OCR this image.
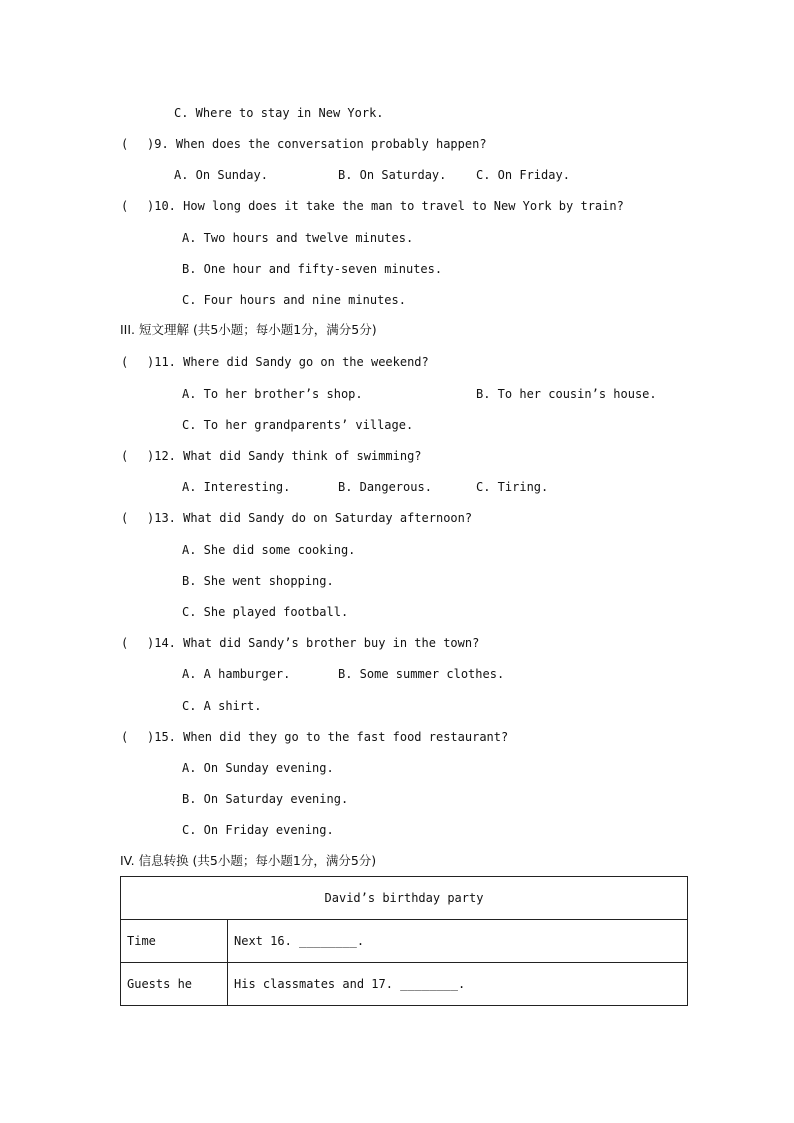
C. Where to stay in New York.
( )9. When does the conversation probably happen?
A. On Sunday.	B. On Saturday. C. On Friday.
( )10. How long does it take the man to travel to New York by train?
A. Two hours and twelve minutes.
B. One hour and fifty-seven minutes.
C. Four hours and nine minutes.
III. 短文理解 (共5小题；每小题1分，满分5分)
( )11. Where did Sandy go on the weekend?
A. To her brother’s shop.	B. To her cousin’s house.
C. To her grandparents’ village.
( )12. What did Sandy think of swimming?
A. Interesting.	B. Dangerous.	C. Tiring.
( )13. What did Sandy do on Saturday afternoon?
A. She did some cooking.
B. She went shopping.
C. She played football.
( )14. What did Sandy’s brother buy in the town?
A. A hamburger.	B. Some summer clothes.
C. A shirt.
( )15. When did they go to the fast food restaurant?
A. On Sunday evening.
B. On Saturday evening.
C. On Friday evening.
IV. 信息转换 (共5小题；每小题1分，满分5分)
David’s birthday party	
Time	Next 16. ________.
Guests he	His classmates and 17. ________.
